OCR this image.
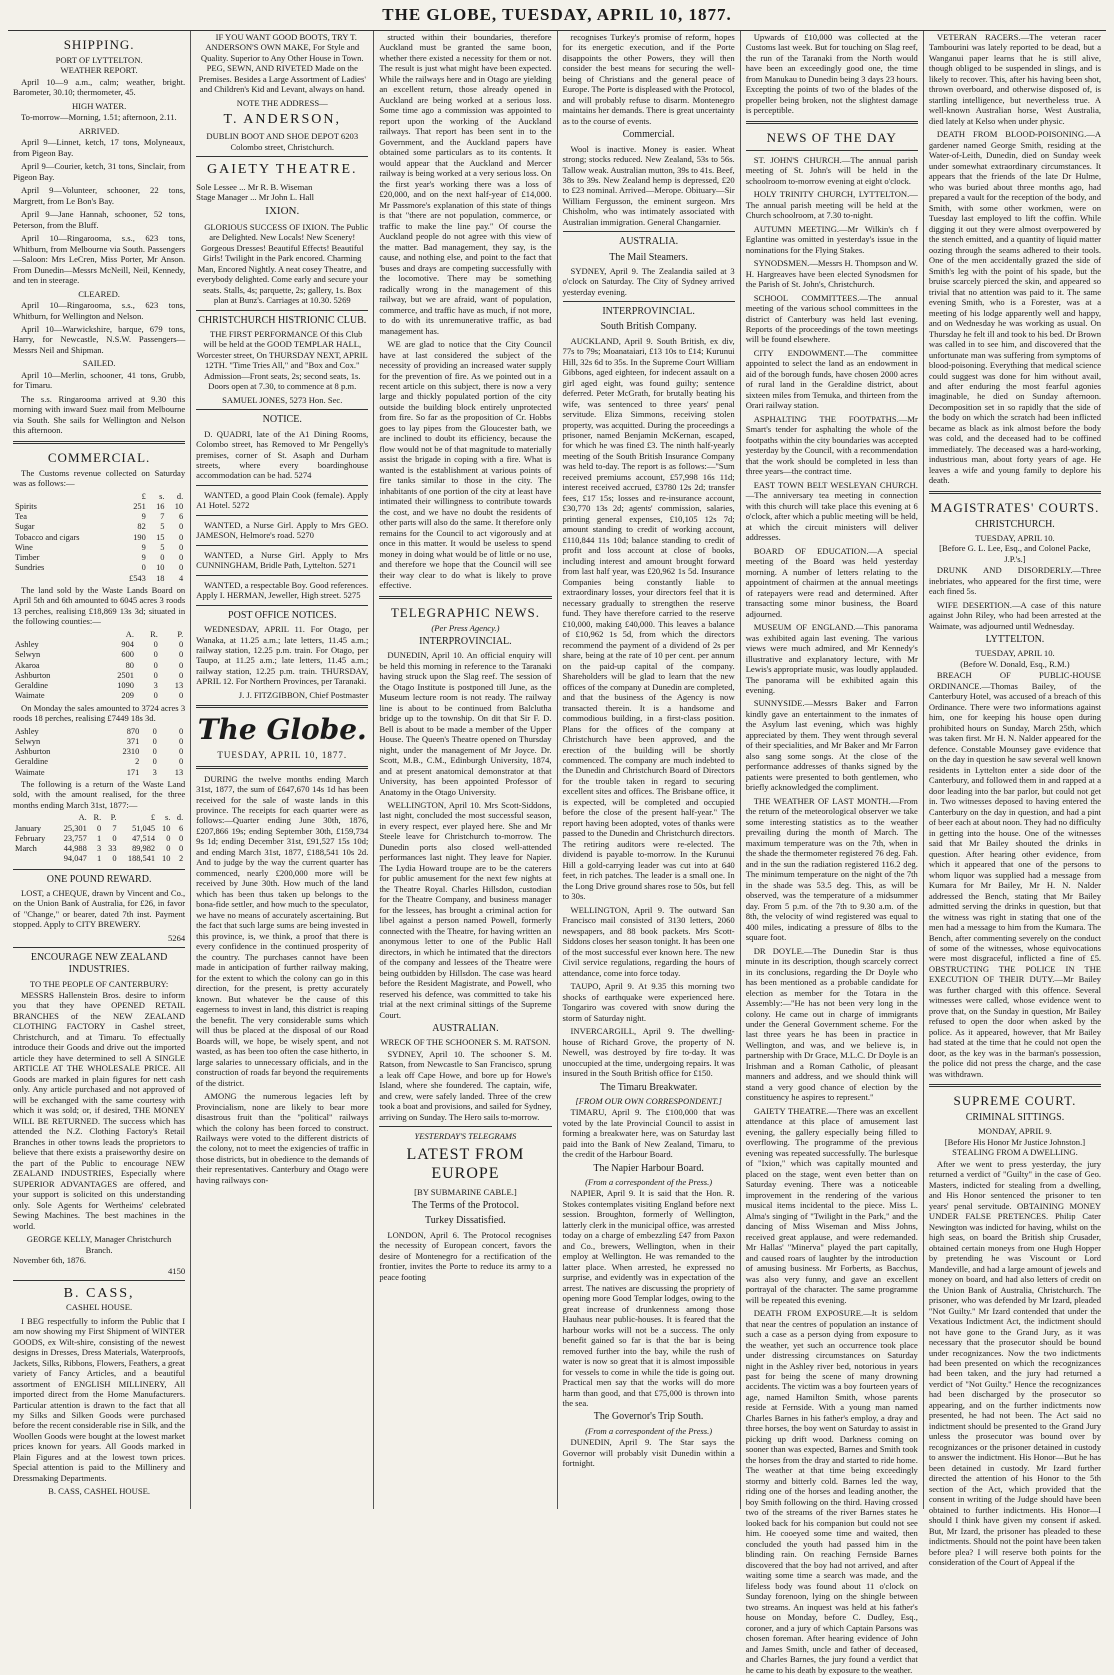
THE GLOBE, TUESDAY, APRIL 10, 1877.
SHIPPING.
PORT OF LYTTELTON.
WEATHER REPORT.

April 10—9 a.m., calm; weather, bright. Barometer, 30.10; thermometer, 45.

HIGH WATER.

To-morrow—Morning, 1.51; afternoon, 2.11.

ARRIVED.

April 9—Linnet, ketch, 17 tons, Molyneaux, from Pigeon Bay.

April 9—Courier, ketch, 31 tons, Sinclair, from Pigeon Bay.

April 9—Volunteer, schooner, 22 tons, Margrett, from Le Bon's Bay.

April 9—Jane Hannah, schooner, 52 tons, Peterson, from the Bluff.

April 10—Ringarooma, s.s., 623 tons, Whitburn, from Melbourne via South. Passengers—Saloon: Mrs LeCren, Miss Porter, Mr Anson. From Dunedin—Messrs McNeill, Neil, Kennedy, and ten in steerage.

CLEARED.

April 10—Ringarooma, s.s., 623 tons, Whitburn, for Wellington and Nelson.

April 10—Warwickshire, barque, 679 tons, Harry, for Newcastle, N.S.W. Passengers—Messrs Neil and Shipman.

SAILED.

April 10—Merlin, schooner, 41 tons, Grubb, for Timaru.

The s.s. Ringarooma arrived at 9.30 this morning with inward Suez mail from Melbourne via South. She sails for Wellington and Nelson this afternoon.

COMMERCIAL.

The Customs revenue collected on Saturday was as follows:—

	£	s.	d.
Spirits	251	16	10
Tea	9	7	6
Sugar	82	5	0
Tobacco and cigars	190	15	0
Wine	9	5	0
Timber	9	0	0
Sundries	0	10	0
	£543	18	4

The land sold by the Waste Lands Board on April 5th and 6th amounted to 6045 acres 3 roods 13 perches, realising £18,869 13s 3d; situated in the following counties:—

	A.	R.	P.
Ashley	904	0	0
Selwyn	600	0	0
Akaroa	80	0	0
Ashburton	2501	0	0
Geraldine	1090	3	13
Waimate	209	0	0

On Monday the sales amounted to 3724 acres 3 roods 18 perches, realising £7449 18s 3d.

Ashley	870	0	0
Selwyn	371	0	0
Ashburton	2310	0	0
Geraldine	2	0	0
Waimate	171	3	13

The following is a return of the Waste Land sold, with the amount realised, for the three months ending March 31st, 1877:—

	A.	R.	P.	£	s.	d.
January	25,301	0	7	51,045	10	6
February	23,757	1	0	47,514	0	0
March	44,988	3	33	89,982	0	0
	94,047	1	0	188,541	10	2
ONE POUND REWARD.

LOST, a CHEQUE, drawn by Vincent and Co., on the Union Bank of Australia, for £26, in favor of "Change," or bearer, dated 7th inst. Payment stopped. Apply to CITY BREWERY.

5264
ENCOURAGE NEW ZEALAND INDUSTRIES.
TO THE PEOPLE OF CANTERBURY:

MESSRS Hallenstein Bros. desire to inform you that they have OPENED RETAIL BRANCHES of the NEW ZEALAND CLOTHING FACTORY in Cashel street, Christchurch, and at Timaru. To effectually introduce their Goods and drive out the imported article they have determined to sell A SINGLE ARTICLE AT THE WHOLESALE PRICE. All Goods are marked in plain figures for nett cash only. Any article purchased and not approved of will be exchanged with the same courtesy with which it was sold; or, if desired, THE MONEY WILL BE RETURNED. The success which has attended the N.Z. Clothing Factory's Retail Branches in other towns leads the proprietors to believe that there exists a praiseworthy desire on the part of the Public to encourage NEW ZEALAND INDUSTRIES, Especially where SUPERIOR ADVANTAGES are offered, and your support is solicited on this understanding only. Sole Agents for Wertheims' celebrated Sewing Machines. The best machines in the world.

GEORGE KELLY, Manager Christchurch Branch.
November 6th, 1876.
4150
B. CASS,
CASHEL HOUSE.

I BEG respectfully to inform the Public that I am now showing my First Shipment of WINTER GOODS, ex Wilt-shire, consisting of the newest designs in Dresses, Dress Materials, Waterproofs, Jackets, Silks, Ribbons, Flowers, Feathers, a great variety of Fancy Articles, and a beautiful assortment of ENGLISH MILLINERY, All imported direct from the Home Manufacturers. Particular attention is drawn to the fact that all my Silks and Silken Goods were purchased before the recent considerable rise in Silk, and the Woollen Goods were bought at the lowest market prices known for years. All Goods marked in Plain Figures and at the lowest town prices. Special attention is paid to the Millinery and Dressmaking Departments.

B. CASS, CASHEL HOUSE.

IF YOU WANT GOOD BOOTS, TRY T. ANDERSON'S OWN MAKE, For Style and Quality. Superior to Any Other House in Town. PEG, SEWN, AND RIVETED Made on the Premises. Besides a Large Assortment of Ladies' and Children's Kid and Levant, always on hand.

NOTE THE ADDRESS—
T. ANDERSON,
DUBLIN BOOT AND SHOE DEPOT 6203 Colombo street, Christchurch.
GAIETY THEATRE.
Sole Lessee ... Mr R. B. Wiseman
Stage Manager ... Mr John L. Hall
IXION.

GLORIOUS SUCCESS OF IXION. The Public are Delighted. New Locals! New Scenery! Gorgeous Dresses! Beautiful Effects! Beautiful Girls! Twilight in the Park encored. Charming Man, Encored Nightly. A neat cosey Theatre, and everybody delighted. Come early and secure your seats. Stalls, 4s; parquette, 2s; gallery, 1s. Box plan at Bunz's. Carriages at 10.30. 5269

CHRISTCHURCH HISTRIONIC CLUB.

THE FIRST PERFORMANCE Of this Club will be held at the GOOD TEMPLAR HALL, Worcester street, On THURSDAY NEXT, APRIL 12TH. "Time Tries All," and "Box and Cox." Admission—Front seats, 2s; second seats, 1s. Doors open at 7.30, to commence at 8 p.m.

SAMUEL JONES, 5273 Hon. Sec.
NOTICE.

D. QUADRI, late of the A1 Dining Rooms, Colombo street, has Removed to Mr Pengelly's premises, corner of St. Asaph and Durham streets, where every boardinghouse accommodation can be had. 5274

WANTED, a good Plain Cook (female). Apply A1 Hotel. 5272

WANTED, a Nurse Girl. Apply to Mrs GEO. JAMESON, Helmore's road. 5270

WANTED, a Nurse Girl. Apply to Mrs CUNNINGHAM, Bridle Path, Lyttelton. 5271

WANTED, a respectable Boy. Good references. Apply I. HERMAN, Jeweller, High street. 5275

POST OFFICE NOTICES.

WEDNESDAY, APRIL 11. For Otago, per Wanaka, at 11.25 a.m.; late letters, 11.45 a.m.; railway station, 12.25 p.m. train. For Otago, per Taupo, at 11.25 a.m.; late letters, 11.45 a.m.; railway station, 12.25 p.m. train. THURSDAY, APRIL 12. For Northern Provinces, per Taranaki.

J. J. FITZGIBBON, Chief Postmaster
The Globe.
TUESDAY, APRIL 10, 1877.

DURING the twelve months ending March 31st, 1877, the sum of £647,670 14s 1d has been received for the sale of waste lands in this province. The receipts for each quarter were as follows:—Quarter ending June 30th, 1876, £207,866 19s; ending September 30th, £159,734 9s 1d; ending December 31st, £91,527 15s 10d; and ending March 31st, 1877, £188,541 10s 2d. And to judge by the way the current quarter has commenced, nearly £200,000 more will be received by June 30th. How much of the land which has been thus taken up belongs to the bona-fide settler, and how much to the speculator, we have no means of accurately ascertaining. But the fact that such large sums are being invested in this province, is, we think, a proof that there is every confidence in the continued prosperity of the country. The purchases cannot have been made in anticipation of further railway making, for the extent to which the colony can go in this direction, for the present, is pretty accurately known. But whatever be the cause of this eagerness to invest in land, this district is reaping the benefit. The very considerable sums which will thus be placed at the disposal of our Road Boards will, we hope, be wisely spent, and not wasted, as has been too often the case hitherto, in large salaries to unnecessary officials, and in the construction of roads far beyond the requirements of the district.

AMONG the numerous legacies left by Provincialism, none are likely to bear more disastrous fruit than the "political" railways which the colony has been forced to construct. Railways were voted to the different districts of the colony, not to meet the exigencies of traffic in those districts, but in obedience to the demands of their representatives. Canterbury and Otago were having railways con-

structed within their boundaries, therefore Auckland must be granted the same boon, whether there existed a necessity for them or not. The result is just what might have been expected. While the railways here and in Otago are yielding an excellent return, those already opened in Auckland are being worked at a serious loss. Some time ago a commission was appointed to report upon the working of the Auckland railways. That report has been sent in to the Government, and the Auckland papers have obtained some particulars as to its contents. It would appear that the Auckland and Mercer railway is being worked at a very serious loss. On the first year's working there was a loss of £20,000, and on the next half-year of £14,000. Mr Passmore's explanation of this state of things is that "there are not population, commerce, or traffic to make the line pay." Of course the Auckland people do not agree with this view of the matter. Bad management, they say, is the cause, and nothing else, and point to the fact that 'buses and drays are competing successfully with the locomotive. There may be something radically wrong in the management of this railway, but we are afraid, want of population, commerce, and traffic have as much, if not more, to do with its unremunerative traffic, as bad management has.

WE are glad to notice that the City Council have at last considered the subject of the necessity of providing an increased water supply for the prevention of fire. As we pointed out in a recent article on this subject, there is now a very large and thickly populated portion of the city outside the building block entirely unprotected from fire. So far as the proposition of Cr. Hobbs goes to lay pipes from the Gloucester bath, we are inclined to doubt its efficiency, because the flow would not be of that magnitude to materially assist the brigade in coping with a fire. What is wanted is the establishment at various points of fire tanks similar to those in the city. The inhabitants of one portion of the city at least have intimated their willingness to contribute towards the cost, and we have no doubt the residents of other parts will also do the same. It therefore only remains for the Council to act vigorously and at once in this matter. It would be useless to spend money in doing what would be of little or no use, and therefore we hope that the Council will see their way clear to do what is likely to prove effective.

TELEGRAPHIC NEWS.
(Per Press Agency.)
INTERPROVINCIAL.

DUNEDIN, April 10. An official enquiry will be held this morning in reference to the Taranaki having struck upon the Slag reef. The session of the Otago Institute is postponed till June, as the Museum lecture room is not ready. The railway line is about to be continued from Balclutha bridge up to the township. On dit that Sir F. D. Bell is about to be made a member of the Upper House. The Queen's Theatre opened on Thursday night, under the management of Mr Joyce. Dr. Scott, M.B., C.M., Edinburgh University, 1874, and at present anatomical demonstrator at that University, has been appointed Professor of Anatomy in the Otago University.

WELLINGTON, April 10. Mrs Scott-Siddons, last night, concluded the most successful season, in every respect, ever played here. She and Mr Steele leave for Christchurch to-morrow. The Dunedin ports also closed well-attended performances last night. They leave for Napier. The Lydia Howard troupe are to be the caterers for public amusement for the next few nights at the Theatre Royal. Charles Hillsdon, custodian for the Theatre Company, and business manager for the lessees, has brought a criminal action for libel against a person named Powell, formerly connected with the Theatre, for having written an anonymous letter to one of the Public Hall directors, in which he intimated that the directors of the company and lessees of the Theatre were being outbidden by Hillsdon. The case was heard before the Resident Magistrate, and Powell, who reserved his defence, was committed to take his trial at the next criminal sittings of the Supreme Court.

AUSTRALIAN.
WRECK OF THE SCHOONER S. M. RATSON.

SYDNEY, April 10. The schooner S. M. Ratson, from Newcastle to San Francisco, sprung a leak off Cape Howe, and bore up for Howe's Island, where she foundered. The captain, wife, and crew, were safely landed. Three of the crew took a boat and provisions, and sailed for Sydney, arriving on Sunday. The Hero sails to-morrow.

YESTERDAY'S TELEGRAMS
LATEST FROM EUROPE
[BY SUBMARINE CABLE.]
The Terms of the Protocol.
Turkey Dissatisfied.

LONDON, April 6. The Protocol recognises the necessity of European concert, favors the desire of Montenegro for a rectification of the frontier, invites the Porte to reduce its army to a peace footing

recognises Turkey's promise of reform, hopes for its energetic execution, and if the Porte disappoints the other Powers, they will then consider the best means for securing the well-being of Christians and the general peace of Europe. The Porte is displeased with the Protocol, and will probably refuse to disarm. Montenegro maintains her demands. There is great uncertainty as to the course of events.

Commercial.

Wool is inactive. Money is easier. Wheat strong; stocks reduced. New Zealand, 53s to 56s. Tallow weak. Australian mutton, 39s to 41s. Beef, 38s to 39s. New Zealand hemp is depressed, £20 to £23 nominal. Arrived—Merope. Obituary—Sir William Fergusson, the eminent surgeon. Mrs Chisholm, who was intimately associated with Australian immigration. General Changarnier.

AUSTRALIA.
The Mail Steamers.

SYDNEY, April 9. The Zealandia sailed at 3 o'clock on Saturday. The City of Sydney arrived yesterday evening.

INTERPROVINCIAL.
South British Company.

AUCKLAND, April 9. South British, ex div, 77s to 79s; Moanataiari, £13 10s to £14; Kurunui Hill, 32s 6d to 35s. In the Supreme Court William Gibbons, aged eighteen, for indecent assault on a girl aged eight, was found guilty; sentence deferred. Peter McGrath, for brutally beating his wife, was sentenced to three years' penal servitude. Eliza Simmons, receiving stolen property, was acquitted. During the proceedings a prisoner, named Benjamin McKernan, escaped, for which he was fined £3. The ninth half-yearly meeting of the South British Insurance Company was held to-day. The report is as follows:—"Sum received premiums account, £57,998 16s 11d; interest received accrued, £3780 12s 2d; transfer fees, £17 15s; losses and re-insurance account, £30,770 13s 2d; agents' commission, salaries, printing general expenses, £10,105 12s 7d; amount standing to credit of working account, £110,844 11s 10d; balance standing to credit of profit and loss account at close of books, including interest and amount brought forward from last half year, was £20,962 1s 5d. Insurance Companies being constantly liable to extraordinary losses, your directors feel that it is necessary gradually to strengthen the reserve fund. They have therefore carried to the reserve £10,000, making £40,000. This leaves a balance of £10,962 1s 5d, from which the directors recommend the payment of a dividend of 2s per share, being at the rate of 10 per cent. per annum on the paid-up capital of the company. Shareholders will be glad to learn that the new offices of the company at Dunedin are completed, and that the business of the Agency is now transacted therein. It is a handsome and commodious building, in a first-class position. Plans for the offices of the company at Christchurch have been approved, and the erection of the building will be shortly commenced. The company are much indebted to the Dunedin and Christchurch Board of Directors for the trouble taken in regard to securing excellent sites and offices. The Brisbane office, it is expected, will be completed and occupied before the close of the present half-year." The report having been adopted, votes of thanks were passed to the Dunedin and Christchurch directors. The retiring auditors were re-elected. The dividend is payable to-morrow. In the Kurunui Hill a gold-carrying leader was cut into at 640 feet, in rich patches. The leader is a small one. In the Long Drive ground shares rose to 50s, but fell to 30s.

WELLINGTON, April 9. The outward San Francisco mail consisted of 3130 letters, 2060 newspapers, and 88 book packets. Mrs Scott-Siddons closes her season tonight. It has been one of the most successful ever known here. The new Civil service regulations, regarding the hours of attendance, come into force today.

TAUPO, April 9. At 9.35 this morning two shocks of earthquake were experienced here. Tongariro was covered with snow during the storm of Saturday night.

INVERCARGILL, April 9. The dwelling-house of Richard Grove, the property of N. Newell, was destroyed by fire to-day. It was unoccupied at the time, undergoing repairs. It was insured in the South British office for £150.

The Timaru Breakwater.
[FROM OUR OWN CORRESPONDENT.]

TIMARU, April 9. The £100,000 that was voted by the late Provincial Council to assist in forming a breakwater here, was on Saturday last paid into the Bank of New Zealand, Timaru, to the credit of the Harbour Board.

The Napier Harbour Board.
(From a correspondent of the Press.)

NAPIER, April 9. It is said that the Hon. R. Stokes contemplates visiting England before next session. Broughton, formerly of Wellington, latterly clerk in the municipal office, was arrested today on a charge of embezzling £47 from Paxon and Co., brewers, Wellington, when in their employ at Wellington. He was remanded to the latter place. When arrested, he expressed no surprise, and evidently was in expectation of the arrest. The natives are discussing the propriety of opening more Good Templar lodges, owing to the great increase of drunkenness among those Hauhaus near public-houses. It is feared that the harbour works will not be a success. The only benefit gained so far is that the bar is being removed further into the bay, while the rush of water is now so great that it is almost impossible for vessels to come in while the tide is going out. Practical men say that the works will do more harm than good, and that £75,000 is thrown into the sea.

The Governor's Trip South.
(From a correspondent of the Press.)

DUNEDIN, April 9. The Star says the Governor will probably visit Dunedin within a fortnight.

Upwards of £10,000 was collected at the Customs last week. But for touching on Slag reef, the run of the Taranaki from the North would have been an exceedingly good one, the time from Manukau to Dunedin being 3 days 23 hours. Excepting the points of two of the blades of the propeller being broken, not the slightest damage is perceptible.

NEWS OF THE DAY

ST. JOHN'S CHURCH.—The annual parish meeting of St. John's will be held in the schoolroom to-morrow evening at eight o'clock.

HOLY TRINITY CHURCH, LYTTELTON.—The annual parish meeting will be held at the Church schoolroom, at 7.30 to-night.

AUTUMN MEETING.—Mr Wilkin's ch f Eglantine was omitted in yesterday's issue in the nominations for the Flying Stakes.

SYNODSMEN.—Messrs H. Thompson and W. H. Hargreaves have been elected Synodsmen for the Parish of St. John's, Christchurch.

SCHOOL COMMITTEES.—The annual meeting of the various school committees in the district of Canterbury was held last evening. Reports of the proceedings of the town meetings will be found elsewhere.

CITY ENDOWMENT.—The committee appointed to select the land as an endowment in aid of the borough funds, have chosen 2000 acres of rural land in the Geraldine district, about sixteen miles from Temuka, and thirteen from the Orari railway station.

ASPHALTING THE FOOTPATHS.—Mr Smart's tender for asphalting the whole of the footpaths within the city boundaries was accepted yesterday by the Council, with a recommendation that the work should be completed in less than three years—the contract time.

EAST TOWN BELT WESLEYAN CHURCH.—The anniversary tea meeting in connection with this church will take place this evening at 6 o'clock, after which a public meeting will be held, at which the circuit ministers will deliver addresses.

BOARD OF EDUCATION.—A special meeting of the Board was held yesterday morning. A number of letters relating to the appointment of chairmen at the annual meetings of ratepayers were read and determined. After transacting some minor business, the Board adjourned.

MUSEUM OF ENGLAND.—This panorama was exhibited again last evening. The various views were much admired, and Mr Kennedy's illustrative and explanatory lecture, with Mr Lewis's appropriate music, was loudly applauded. The panorama will be exhibited again this evening.

SUNNYSIDE.—Messrs Baker and Farron kindly gave an entertainment to the inmates of the Asylum last evening, which was highly appreciated by them. They went through several of their specialities, and Mr Baker and Mr Farron also sang some songs. At the close of the performance addresses of thanks signed by the patients were presented to both gentlemen, who briefly acknowledged the compliment.

THE WEATHER OF LAST MONTH.—From the return of the meteorological observer we take some interesting statistics as to the weather prevailing during the month of March. The maximum temperature was on the 7th, when in the shade the thermometer registered 76 deg. Fah. and in the sun the radiation registered 116.2 deg. The minimum temperature on the night of the 7th in the shade was 53.5 deg. This, as will be observed, was the temperature of a midsummer day. From 5 p.m. of the 7th to 9.30 a.m. of the 8th, the velocity of wind registered was equal to 400 miles, indicating a pressure of 8lbs to the square foot.

DR DOYLE.—The Dunedin Star is thus minute in its description, though scarcely correct in its conclusions, regarding the Dr Doyle who has been mentioned as a probable candidate for election as member for the Totara in the Assembly:—"He has not been very long in the colony. He came out in charge of immigrants under the General Government scheme. For the last three years he has been in practice in Wellington, and was, and we believe is, in partnership with Dr Grace, M.L.C. Dr Doyle is an Irishman and a Roman Catholic, of pleasant manners and address, and we should think will stand a very good chance of election by the constituency he aspires to represent."

GAIETY THEATRE.—There was an excellent attendance at this place of amusement last evening, the gallery especially being filled to overflowing. The programme of the previous evening was repeated successfully. The burlesque of "Ixion," which was capitally mounted and placed on the stage, went even better than on Saturday evening. There was a noticeable improvement in the rendering of the various musical items incidental to the piece. Miss L. Alma's singing of "Twilight in the Park," and the dancing of Miss Wiseman and Miss Johns, received great applause, and were redemanded. Mr Hallas' "Minerva" played the part capitally, and caused roars of laughter by the introduction of amusing business. Mr Forberts, as Bacchus, was also very funny, and gave an excellent portrayal of the character. The same programme will be repeated this evening.

DEATH FROM EXPOSURE.—It is seldom that near the centres of population an instance of such a case as a person dying from exposure to the weather, yet such an occurrence took place under distressing circumstances on Saturday night in the Ashley river bed, notorious in years past for being the scene of many drowning accidents. The victim was a boy fourteen years of age, named Hamilton Smith, whose parents reside at Fernside. With a young man named Charles Barnes in his father's employ, a dray and three horses, the boy went on Saturday to assist in picking up drift wood. Darkness coming on sooner than was expected, Barnes and Smith took the horses from the dray and started to ride home. The weather at that time being exceedingly stormy and bitterly cold. Barnes led the way, riding one of the horses and leading another, the boy Smith following on the third. Having crossed two of the streams of the river Barnes states he looked back for his companion but could not see him. He cooeyed some time and waited, then concluded the youth had passed him in the blinding rain. On reaching Fernside Barnes discovered that the boy had not arrived, and after waiting some time a search was made, and the lifeless body was found about 11 o'clock on Sunday forenoon, lying on the shingle between two streams. An inquest was held at his father's house on Monday, before C. Dudley, Esq., coroner, and a jury of which Captain Parsons was chosen foreman. After hearing evidence of John and James Smith, uncle and father of deceased, and Charles Barnes, the jury found a verdict that he came to his death by exposure to the weather.

VETERAN RACERS.—The veteran racer Tambourini was lately reported to be dead, but a Wanganui paper learns that he is still alive, though obliged to be suspended in slings, and is likely to recover. This, after his having been shot, thrown overboard, and otherwise disposed of, is startling intelligence, but nevertheless true. A well-known Australian horse, West Australia, died lately at Kelso when under physic.

DEATH FROM BLOOD-POISONING.—A gardener named George Smith, residing at the Water-of-Leith, Dunedin, died on Sunday week under somewhat extraordinary circumstances. It appears that the friends of the late Dr Hulme, who was buried about three months ago, had prepared a vault for the reception of the body, and Smith, with some other workmen, were on Tuesday last employed to lift the coffin. While digging it out they were almost overpowered by the stench emitted, and a quantity of liquid matter oozing through the seams adhered to their tools. One of the men accidentally grazed the side of Smith's leg with the point of his spade, but the bruise scarcely pierced the skin, and appeared so trivial that no attention was paid to it. The same evening Smith, who is a Forester, was at a meeting of his lodge apparently well and happy, and on Wednesday he was working as usual. On Thursday he felt ill and took to his bed. Dr Brown was called in to see him, and discovered that the unfortunate man was suffering from symptoms of blood-poisoning. Everything that medical science could suggest was done for him without avail, and after enduring the most fearful agonies imaginable, he died on Sunday afternoon. Decomposition set in so rapidly that the side of the body on which the scratch had been inflicted became as black as ink almost before the body was cold, and the deceased had to be coffined immediately. The deceased was a hard-working, industrious man, about forty years of age. He leaves a wife and young family to deplore his death.

MAGISTRATES' COURTS.
CHRISTCHURCH.
TUESDAY, APRIL 10.
[Before G. L. Lee, Esq., and Colonel Packe, J.P.'s.]

DRUNK AND DISORDERLY.—Three inebriates, who appeared for the first time, were each fined 5s.

WIFE DESERTION.—A case of this nature against John Riley, who had been arrested at the Waimate, was adjourned until Wednesday.

LYTTELTON.
TUESDAY, APRIL 10.
(Before W. Donald, Esq., R.M.)

BREACH OF PUBLIC-HOUSE ORDINANCE.—Thomas Bailey, of the Canterbury Hotel, was accused of a breach of this Ordinance. There were two informations against him, one for keeping his house open during prohibited hours on Sunday, March 25th, which was taken first. Mr H. N. Nalder appeared for the defence. Constable Mounsey gave evidence that on the day in question he saw several well known residents in Lyttelton enter a side door of the Canterbury, and followed them in and rapped at a door leading into the bar parlor, but could not get in. Two witnesses deposed to having entered the Canterbury on the day in question, and had a pint of beer each at about noon. They had no difficulty in getting into the house. One of the witnesses said that Mr Bailey shouted the drinks in question. After hearing other evidence, from which it appeared that one of the persons to whom liquor was supplied had a message from Kumara for Mr Bailey, Mr H. N. Nalder addressed the Bench, stating that Mr Bailey admitted serving the drinks in question, but that the witness was right in stating that one of the men had a message to him from the Kumara. The Bench, after commenting severely on the conduct of some of the witnesses, whose equivocations were most disgraceful, inflicted a fine of £5. OBSTRUCTING THE POLICE IN THE EXECUTION OF THEIR DUTY.—Mr Bailey was further charged with this offence. Several witnesses were called, whose evidence went to prove that, on the Sunday in question, Mr Bailey refused to open the door when asked by the police. As it appeared, however, that Mr Bailey had stated at the time that he could not open the door, as the key was in the barman's possession, the police did not press the charge, and the case was withdrawn.

SUPREME COURT.
CRIMINAL SITTINGS.
MONDAY, APRIL 9.
[Before His Honor Mr Justice Johnston.]
STEALING FROM A DWELLING.

After we went to press yesterday, the jury returned a verdict of "Guilty" in the case of Geo. Masters, indicted for stealing from a dwelling, and His Honor sentenced the prisoner to ten years' penal servitude. OBTAINING MONEY UNDER FALSE PRETENCES. Philip Cater Newington was indicted for having, whilst on the high seas, on board the British ship Crusader, obtained certain moneys from one Hugh Hopper by pretending he was Viscount or Lord Mandeville, and had a large amount of jewels and money on board, and had also letters of credit on the Union Bank of Australia, Christchurch. The prisoner, who was defended by Mr Izard, pleaded "Not Guilty." Mr Izard contended that under the Vexatious Indictment Act, the indictment should not have gone to the Grand Jury, as it was necessary that the prosecutor should be bound under recognizances. Now the two indictments had been presented on which the recognizances had been taken, and the jury had returned a verdict of "Not Guilty." Hence the recognizances had been discharged by the prosecutor so appearing, and on the further indictments now presented, he had not been. The Act said no indictment should be presented to the Grand Jury unless the prosecutor was bound over by recognizances or the prisoner detained in custody to answer the indictment. His Honor—But he has been detained in custody. Mr Izard further directed the attention of his Honor to the 5th section of the Act, which provided that the consent in writing of the Judge should have been obtained to further indictments. His Honor—I should I think have given my consent if asked. But, Mr Izard, the prisoner has pleaded to these indictments. Should not the point have been taken before plea? I will reserve both points for the consideration of the Court of Appeal if the
